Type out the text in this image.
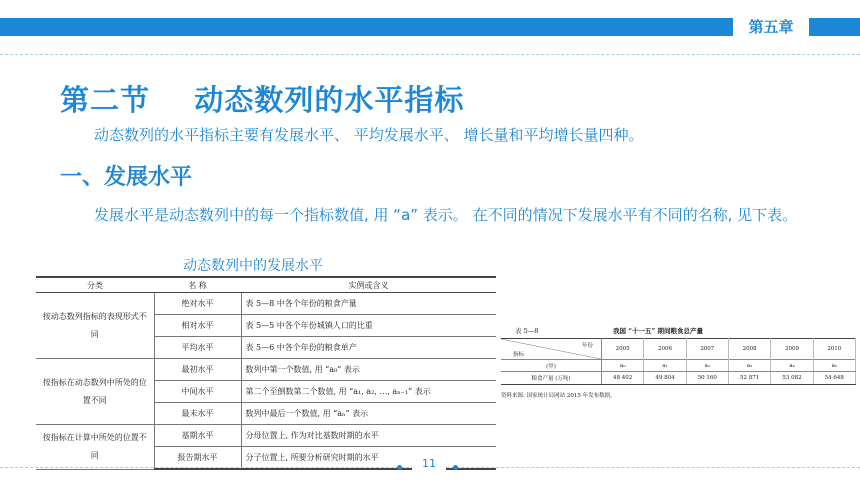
第五章
第二节    动态数列的水平指标
动态数列的水平指标主要有发展水平、 平均发展水平、 增长量和平均增长量四种。
一、发展水平
发展水平是动态数列中的每一个指标数值, 用 “a” 表示。 在不同的情况下发展水平有不同的名称, 见下表。
动态数列中的发展水平
分类	名 称	实例或含义
按动态数列指标的表现形式不同	绝对水平	表 5—8 中各个年份的粮食产量
	相对水平	表 5—5 中各个年份城镇人口的比重
	平均水平	表 5—6 中各个年份的粮食单产
按指标在动态数列中所处的位置不同	最初水平	数列中第一个数值, 用 “a₀” 表示
	中间水平	第二个至倒数第二个数值, 用 “a₁, a₂, …, aₙ₋₁” 表示
	最末水平	数列中最后一个数值, 用 “aₙ” 表示
按指标在计算中所处的位置不同	基期水平	分母位置上, 作为对比基数时期的水平
	报告期水平	分子位置上, 所要分析研究时期的水平
表 5—8	我国 “十一五” 期间粮食总产量
年份
指标	2005	2006	2007	2008	2009	2010
(甲)	a₀	a₁	a₂	a₃	a₄	a₅
粮食产量 (万吨)	48 402	49 804	50 160	52 871	53 082	54 648
资料来源: 国家统计局网站 2015 年发布数据。
11
